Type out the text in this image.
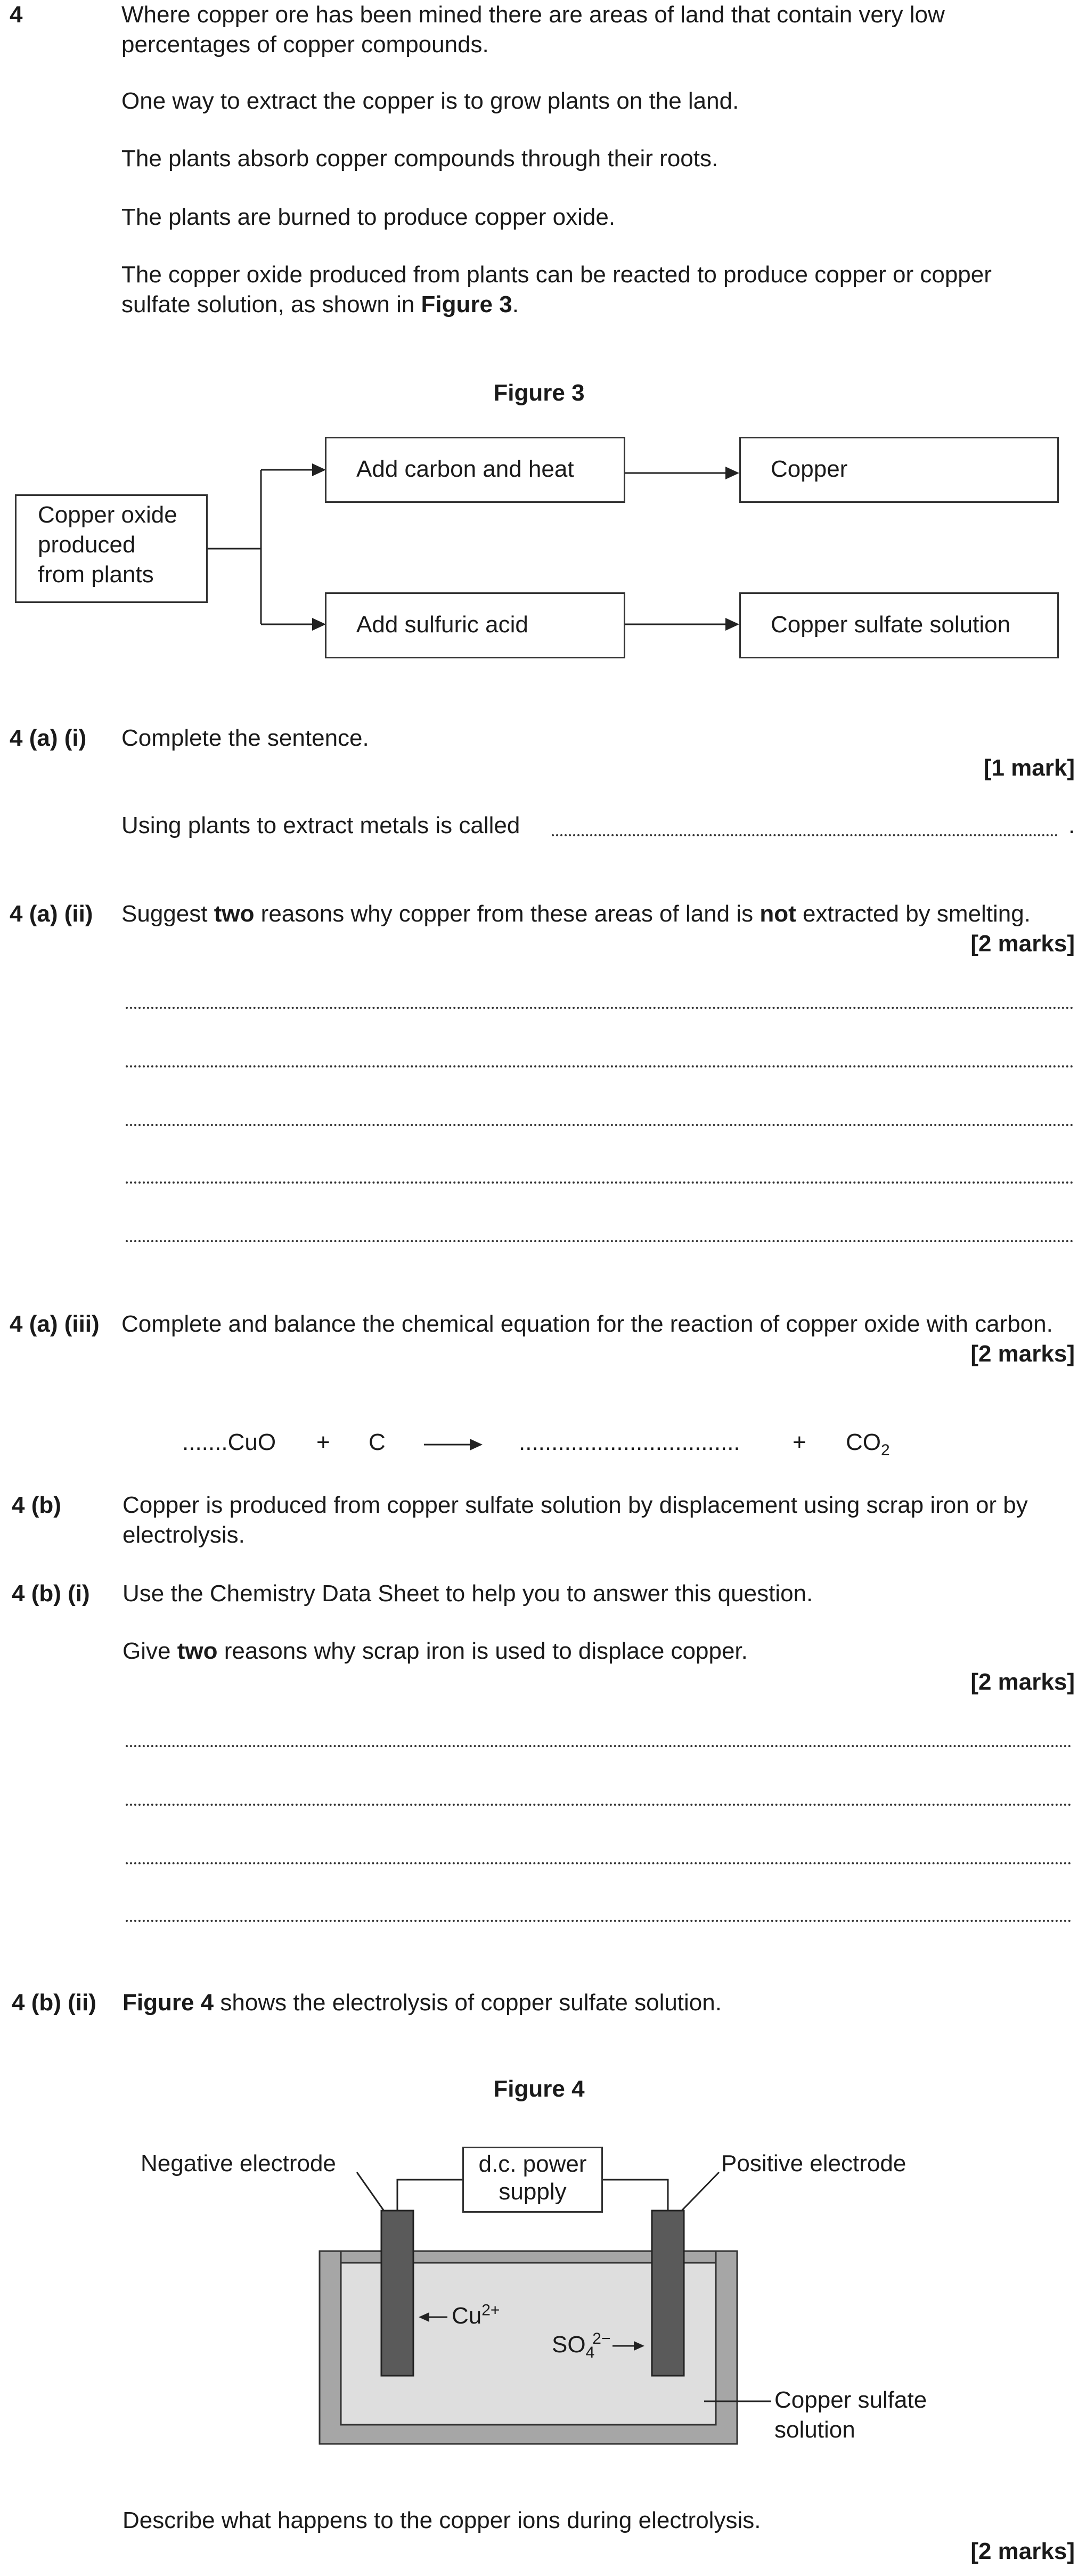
4	Where copper ore has been mined there are areas of land that contain very low percentages of copper compounds.
One way to extract the copper is to grow plants on the land.
The plants absorb copper compounds through their roots.
The plants are burned to produce copper oxide.
The copper oxide produced from plants can be reacted to produce copper or copper sulfate solution, as shown in Figure 3.
Figure 3
Copper oxide produced from plants
Add carbon and heat	Copper
Add sulfuric acid	Copper sulfate solution
4 (a) (i) Complete the sentence.
[1 mark]
Using plants to extract metals is called	.
4 (a) (ii) Suggest two reasons why copper from these areas of land is not extracted by smelting.
[2 marks]
4 (a) (iii) Complete and balance the chemical equation for the reaction of copper oxide with carbon.
[2 marks]
.......CuO + C	.................................. + $CO_2$
4 (b)	Copper is produced from copper sulfate solution by displacement using scrap iron or by electrolysis.
4 (b) (i) Use the Chemistry Data Sheet to help you to answer this question.
Give two reasons why scrap iron is used to displace copper.
[2 marks]
4 (b) (ii) Figure 4 shows the electrolysis of copper sulfate solution.
Figure 4
d.c. power supply
Negative electrode	Positive electrode
$Cu^{2+}$
$SO_4^{2-}$
Copper sulfate solution
Describe what happens to the copper ions during electrolysis.
[2 marks]
